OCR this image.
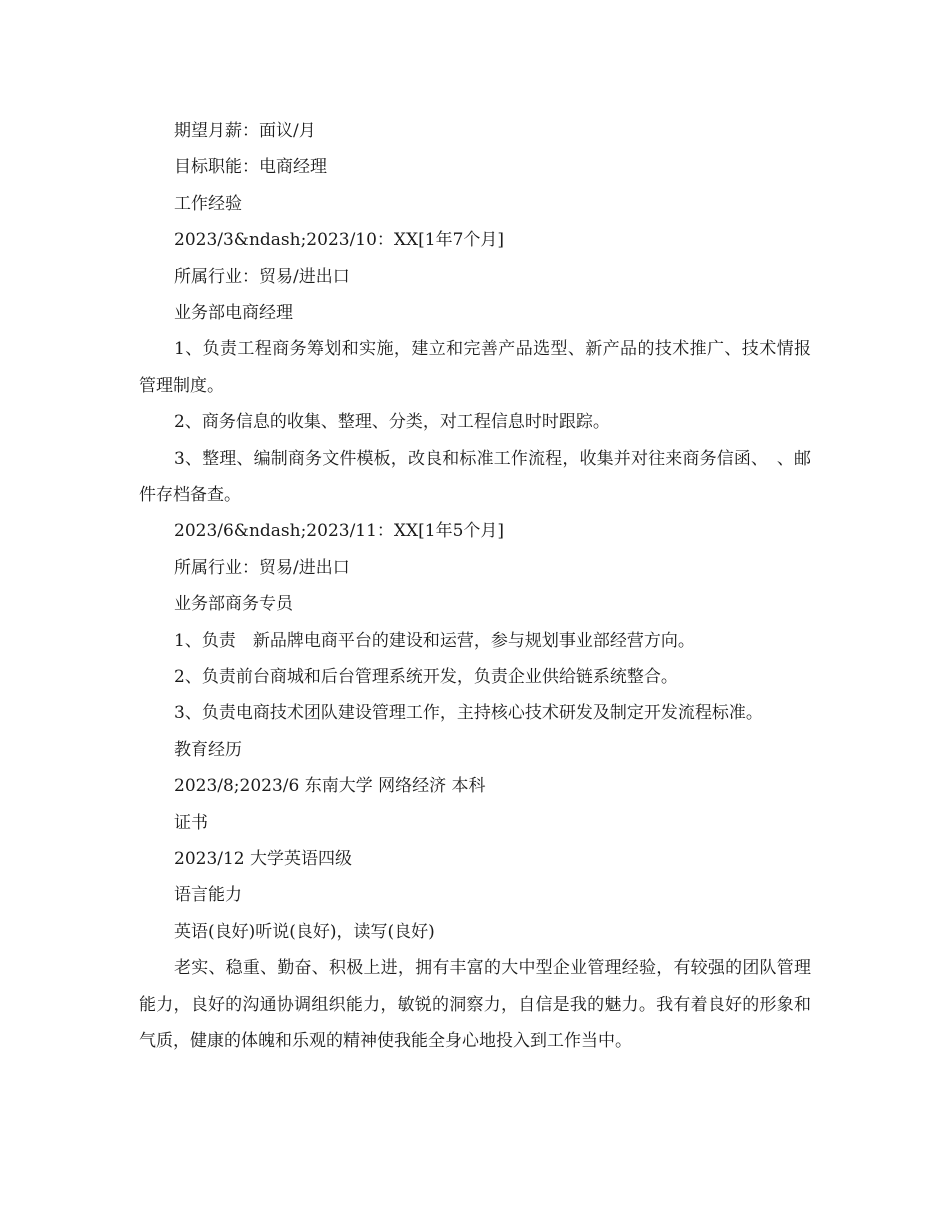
期望月薪：面议/月

目标职能：电商经理

工作经验

2023/3&ndash;2023/10：XX[1年7个月]

所属行业：贸易/进出口

业务部电商经理

1、负责工程商务筹划和实施，建立和完善产品选型、新产品的技术推广、技术情报管理制度。

2、商务信息的收集、整理、分类，对工程信息时时跟踪。

3、整理、编制商务文件模板，改良和标准工作流程，收集并对往来商务信函、　、邮件存档备查。

2023/6&ndash;2023/11：XX[1年5个月]

所属行业：贸易/进出口

业务部商务专员

1、负责　新品牌电商平台的建设和运营，参与规划事业部经营方向。

2、负责前台商城和后台管理系统开发，负责企业供给链系统整合。

3、负责电商技术团队建设管理工作，主持核心技术研发及制定开发流程标准。

教育经历

2023/8;2023/6 东南大学 网络经济 本科

证书

2023/12 大学英语四级

语言能力

英语(良好)听说(良好)，读写(良好)

老实、稳重、勤奋、积极上进，拥有丰富的大中型企业管理经验，有较强的团队管理能力，良好的沟通协调组织能力，敏锐的洞察力，自信是我的魅力。我有着良好的形象和气质，健康的体魄和乐观的精神使我能全身心地投入到工作当中。
